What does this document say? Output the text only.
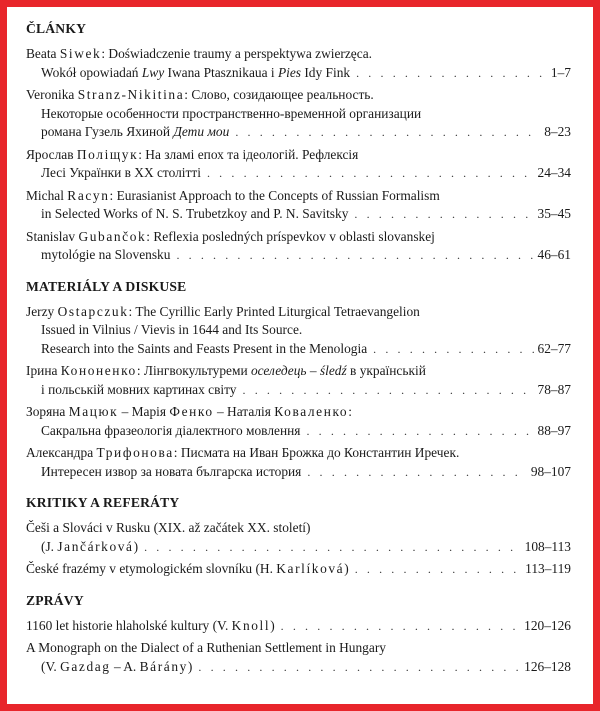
ČLÁNKY
Beata Siwek: Doświadczenie traumy a perspektywa zwierzęca.
Wokół opowiadań Lwy Iwana Ptasznikaua i Pies Idy Fink . . .	1–7
Veronika Stranz-Nikitina: Слово, созидающее реальность.
Некоторые особенности пространственно-временной организации
романа Гузель Яхиной Дети мои . . .	8–23
Ярослав Поліщук: На зламі епох та ідеологій. Рефлексія
Лесі Українки в ХХ столітті . . .	24–34
Michal Racyn: Eurasianist Approach to the Concepts of Russian Formalism
in Selected Works of N. S. Trubetzkoy and P. N. Savitsky . . .	35–45
Stanislav Gubančok: Reflexia posledných príspevkov v oblasti slovanskej
mytológie na Slovensku . . .	46–61
MATERIÁLY A DISKUSE
Jerzy Ostapczuk: The Cyrillic Early Printed Liturgical Tetraevangelion
Issued in Vilnius / Vievis in 1644 and Its Source.
Research into the Saints and Feasts Present in the Menologia . . .	62–77
Ірина Кононенко: Лінгвокультуреми оселедець – śledź в українській
і польській мовних картинах світу . . .	78–87
Зоряна Мацюк – Марія Фенко – Наталія Коваленко:
Сакральна фразеологія діалектного мовлення . . .	88–97
Александра Трифонова: Писмата на Иван Брожка до Константин Иречек.
Интересен извор за новата българска история . . .	98–107
KRITIKY A REFERÁTY
Češi a Slováci v Rusku (XIX. až začátek XX. století)
(J. Jančárková) . . .	108–113
České frazémy v etymologickém slovníku (H. Karlíková) . . .	113–119
ZPRÁVY
1160 let historie hlaholské kultury (V. Knoll) . . .	120–126
A Monograph on the Dialect of a Ruthenian Settlement in Hungary
(V. Gazdag – A. Bárány) . . .	126–128
